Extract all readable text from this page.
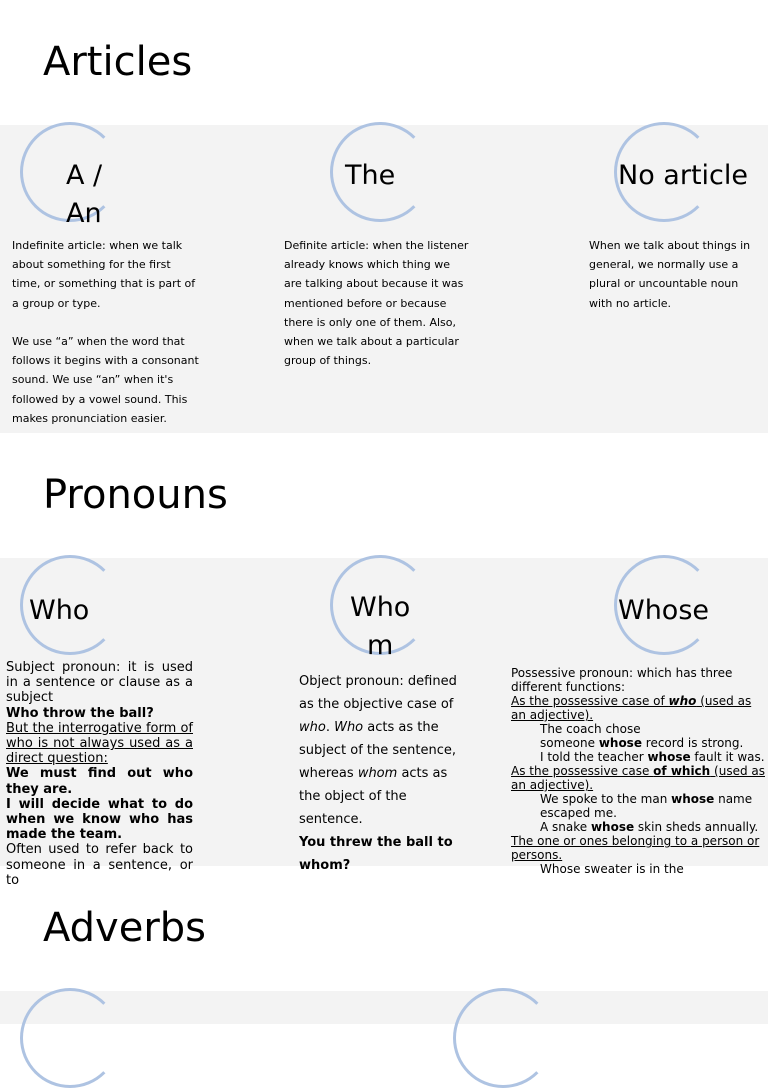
Articles
A /
An

Indefinite article: when we talk about something for the first time, or something that is part of a group or type.

We use “a” when the word that follows it begins with a consonant sound. We use “an” when it's followed by a vowel sound. This makes pronunciation easier.

The

Definite article: when the listener already knows which thing we are talking about because it was mentioned before or because there is only one of them. Also, when we talk about a particular group of things.

No article

When we talk about things in general, we normally use a plural or uncountable noun with no article.

Pronouns
Who

Subject pronoun: it is used in a sentence or clause as a subject

Who throw the ball?

But the interrogative form of who is not always used as a direct question:

We must find out who they are.

I will decide what to do when we know who has made the team.

Often used to refer back to someone in a sentence, or to

Who
m

Object pronoun: defined as the objective case of who. Who acts as the subject of the sentence, whereas whom acts as the object of the sentence.

You threw the ball to whom?

Whose

Possessive pronoun: which has three different functions:

As the possessive case of who (used as an adjective).

The coach chose

someone whose record is strong.

I told the teacher whose fault it was.

As the possessive case of which (used as an adjective).

We spoke to the man whose name escaped me.

A snake whose skin sheds annually.

The one or ones belonging to a person or persons.

Whose sweater is in the

Adverbs
